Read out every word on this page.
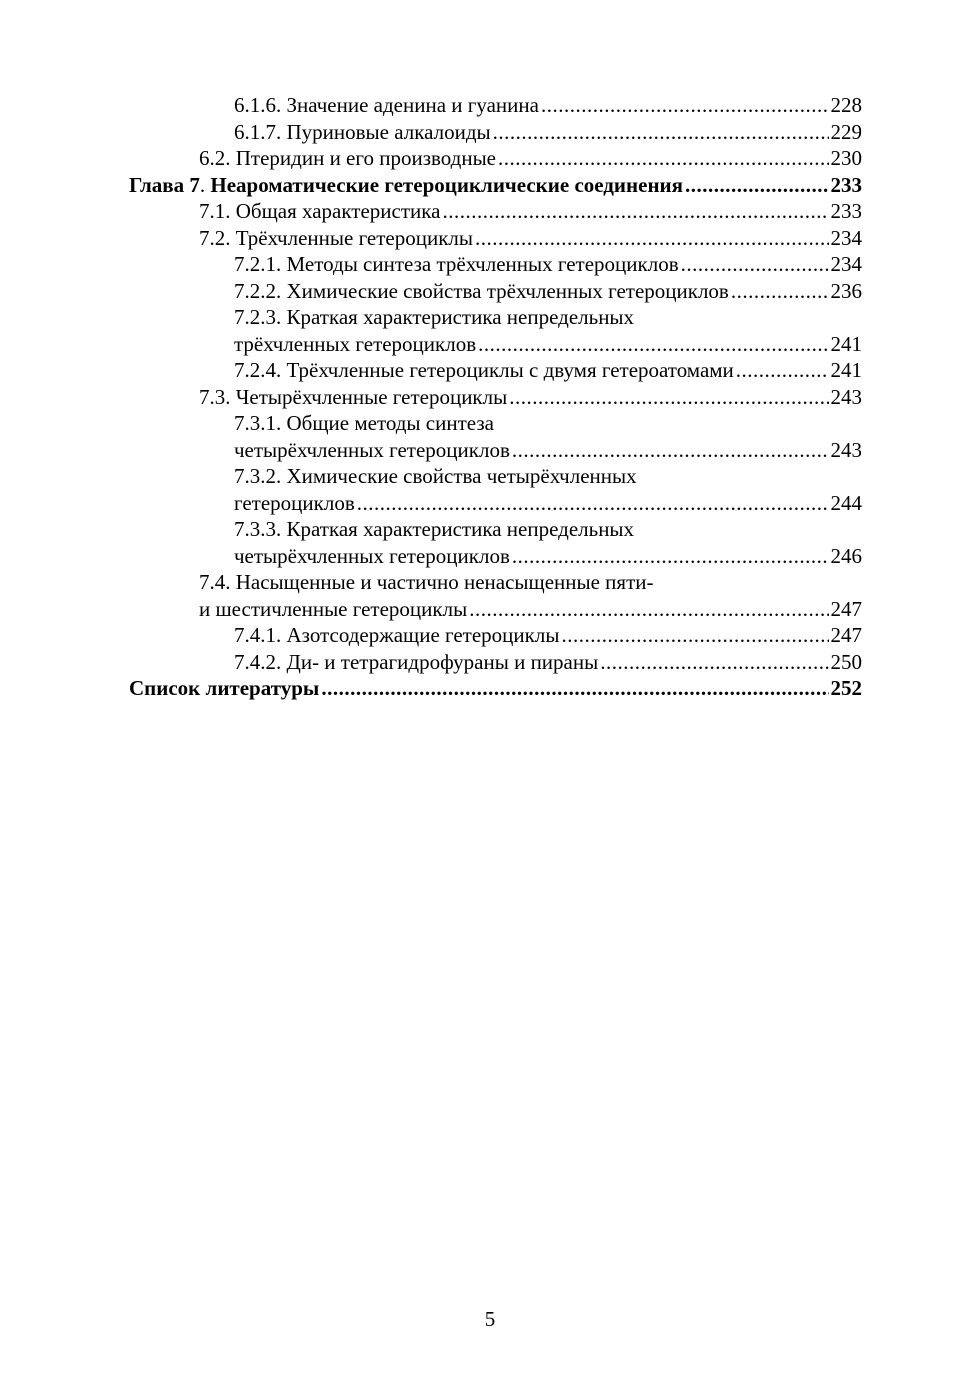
6.1.6. Значение аденина и гуанина .....	228
6.1.7. Пуриновые алкалоиды .....	229
6.2. Птеридин и его производные .....	230
Глава 7. Неароматические гетероциклические соединения .....	233
7.1. Общая характеристика .....	233
7.2. Трёхчленные гетероциклы .....	234
7.2.1. Методы синтеза трёхчленных гетероциклов .....	234
7.2.2. Химические свойства трёхчленных гетероциклов .....	236
7.2.3. Краткая характеристика непредельных
трёхчленных гетероциклов .....	241
7.2.4. Трёхчленные гетероциклы с двумя гетероатомами .....	241
7.3. Четырёхчленные гетероциклы .....	243
7.3.1. Общие методы синтеза
четырёхчленных гетероциклов .....	243
7.3.2. Химические свойства четырёхчленных
гетероциклов .....	244
7.3.3. Краткая характеристика непредельных
четырёхчленных гетероциклов .....	246
7.4. Насыщенные и частично ненасыщенные пяти-
и шестичленные гетероциклы .....	247
7.4.1. Азотсодержащие гетероциклы .....	247
7.4.2. Ди- и тетрагидрофураны и пираны .....	250
Список литературы .....	252
5
